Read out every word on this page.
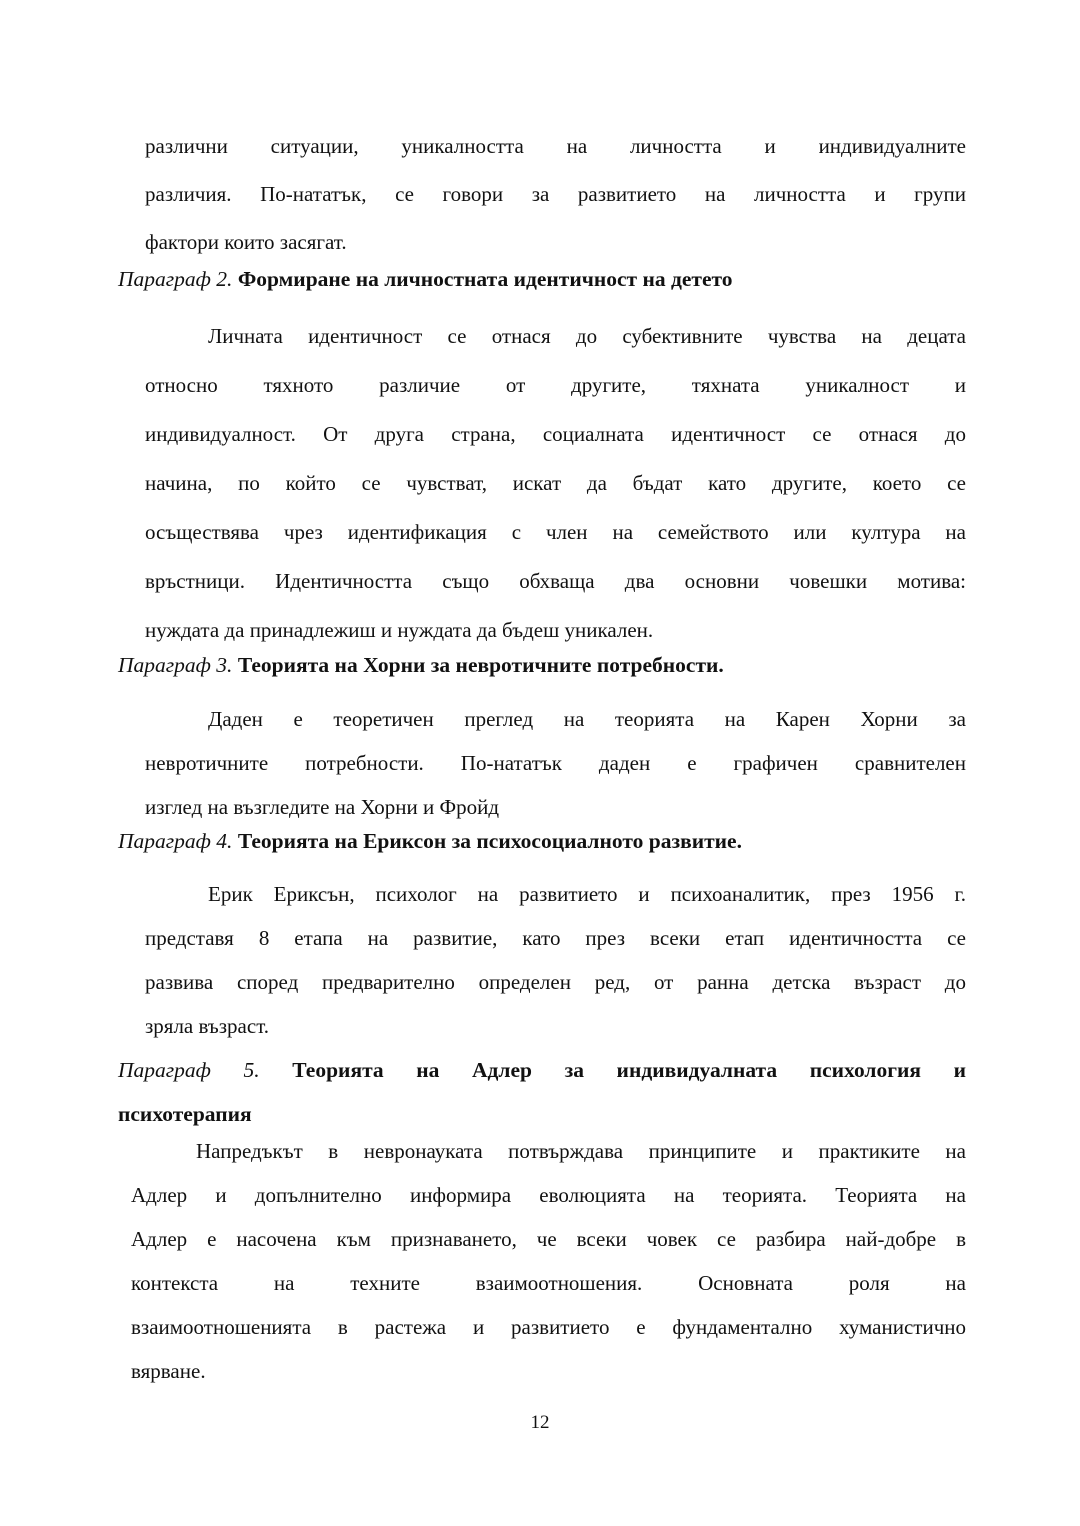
различни ситуации, уникалността на личността и индивидуалните
различия. По-нататък, се говори за развитието на личността и групи
фактори които засягат.
Параграф 2. Формиране на личностната идентичност на детето
Личната идентичност се отнася до субективните чувства на децата
относно тяхното различие от другите, тяхната уникалност и
индивидуалност. От друга страна, социалната идентичност се отнася до
начина, по който се чувстват, искат да бъдат като другите, което се
осъществява чрез идентификация с член на семейството или култура на
връстници. Идентичността също обхваща два основни човешки мотива:
нуждата да принадлежиш и нуждата да бъдеш уникален.
Параграф 3. Теорията на Хорни за невротичните потребности.
Даден е теоретичен преглед на теорията на Карен Хорни за
невротичните потребности. По-нататък даден е графичен сравнителен
изглед на възгледите на Хорни и Фройд
Параграф 4. Теорията на Ериксон за психосоциалното развитие.
Ерик Ериксън, психолог на развитието и психоаналитик, през 1956 г.
представя 8 етапа на развитие, като през всеки етап идентичността се
развива според предварително определен ред, от ранна детска възраст до
зряла възраст.
Параграф 5. Теорията на Адлер за индивидуалната психология и
психотерапия
Напредъкът в невронауката потвърждава принципите и практиките на
Адлер и допълнително информира еволюцията на теорията. Теорията на
Адлер е насочена към признаването, че всеки човек се разбира най-добре в
контекста на техните взаимоотношения. Основната роля на
взаимоотношенията в растежа и развитието е фундаментално хуманистично
вярване.
12
